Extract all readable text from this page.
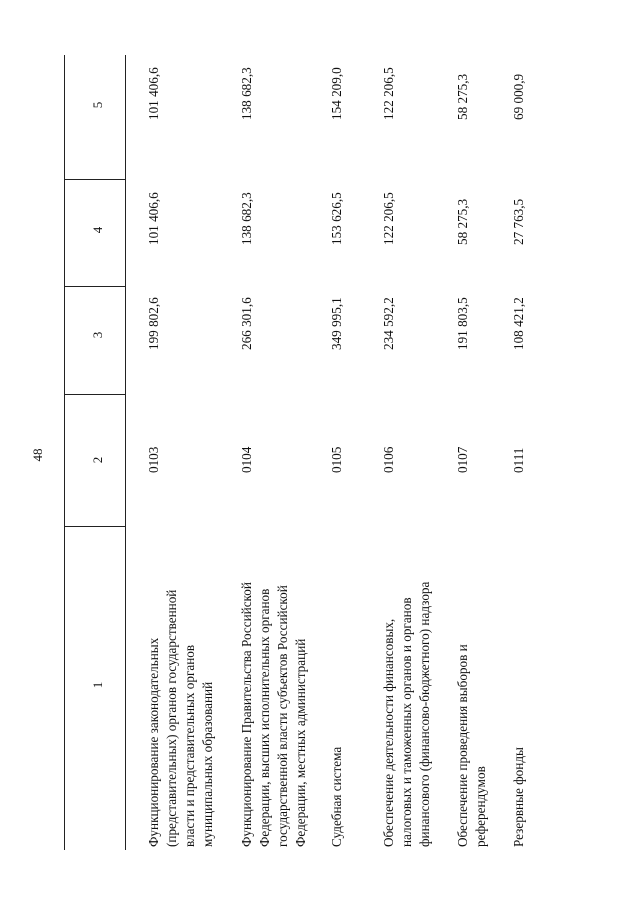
48
1
2
3
4
5
Функционирование законодательных (представительных) органов государственной власти и представительных органов муниципальных образований
0103
199 802,6
101 406,6
101 406,6
Функционирование Правительства Российской Федерации, высших исполнительных органов государственной власти субъектов Российской Федерации, местных администраций
0104
266 301,6
138 682,3
138 682,3
Судебная система
0105
349 995,1
153 626,5
154 209,0
Обеспечение деятельности финансовых, налоговых и таможенных органов и органов финансового (финансово-бюджетного) надзора
0106
234 592,2
122 206,5
122 206,5
Обеспечение проведения выборов и референдумов
0107
191 803,5
58 275,3
58 275,3
Резервные фонды
0111
108 421,2
27 763,5
69 000,9
